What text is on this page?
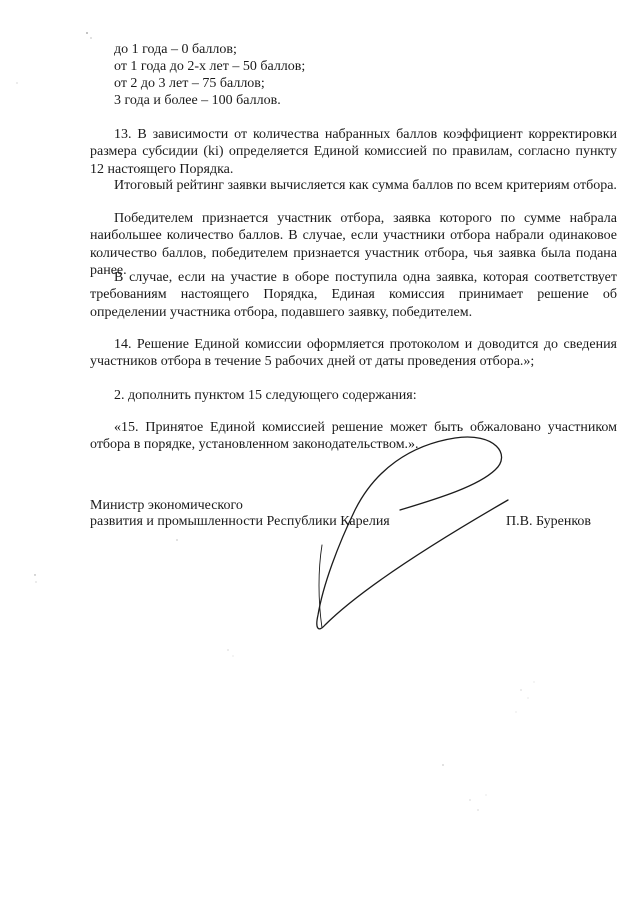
до 1 года – 0 баллов;
от 1 года до 2-х лет – 50 баллов;
от 2 до 3 лет – 75 баллов;
3 года и более – 100 баллов.
13. В зависимости от количества набранных баллов коэффициент корректировки размера субсидии (ki) определяется Единой комиссией по правилам, согласно пункту 12 настоящего Порядка.
Итоговый рейтинг заявки вычисляется как сумма баллов по всем критериям отбора.
Победителем признается участник отбора, заявка которого по сумме набрала наибольшее количество баллов. В случае, если участники отбора набрали одинаковое количество баллов, победителем признается участник отбора, чья заявка была подана ранее.
В случае, если на участие в оборе поступила одна заявка, которая соответствует требованиям настоящего Порядка, Единая комиссия принимает решение об определении участника отбора, подавшего заявку, победителем.
14. Решение Единой комиссии оформляется протоколом и доводится до сведения участников отбора в течение 5 рабочих дней от даты проведения отбора.»;
2. дополнить пунктом 15 следующего содержания:
«15. Принятое Единой комиссией решение может быть обжаловано участником отбора в порядке, установленном законодательством.».
Министр экономического
развития и промышленности Республики Карелия	П.В. Буренков
